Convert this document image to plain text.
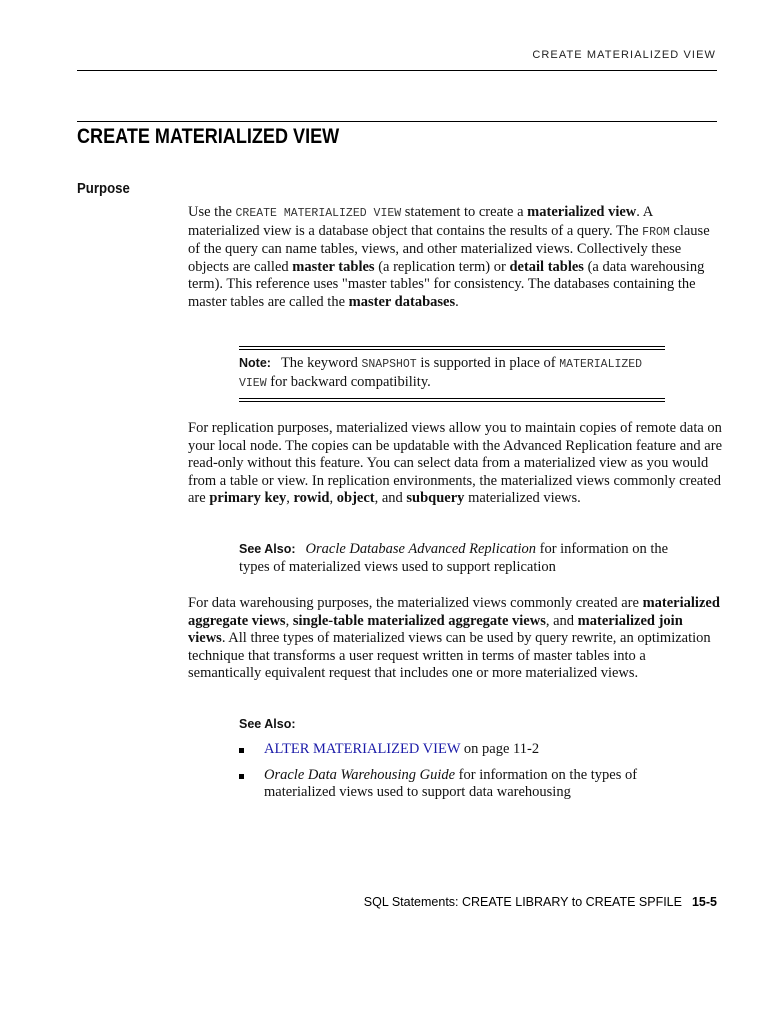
CREATE MATERIALIZED VIEW
CREATE MATERIALIZED VIEW
Purpose

Use the CREATE MATERIALIZED VIEW statement to create a materialized view. A materialized view is a database object that contains the results of a query. The FROM clause of the query can name tables, views, and other materialized views. Collectively these objects are called master tables (a replication term) or detail tables (a data warehousing term). This reference uses "master tables" for consistency. The databases containing the master tables are called the master databases.

Note: The keyword SNAPSHOT is supported in place of MATERIALIZED VIEW for backward compatibility.

For replication purposes, materialized views allow you to maintain copies of remote data on your local node. The copies can be updatable with the Advanced Replication feature and are read-only without this feature. You can select data from a materialized view as you would from a table or view. In replication environments, the materialized views commonly created are primary key, rowid, object, and subquery materialized views.

See Also: Oracle Database Advanced Replication for information on the types of materialized views used to support replication

For data warehousing purposes, the materialized views commonly created are materialized aggregate views, single-table materialized aggregate views, and materialized join views. All three types of materialized views can be used by query rewrite, an optimization technique that transforms a user request written in terms of master tables into a semantically equivalent request that includes one or more materialized views.

See Also:
ALTER MATERIALIZED VIEW on page 11-2
Oracle Data Warehousing Guide for information on the types of materialized views used to support data warehousing
SQL Statements: CREATE LIBRARY to CREATE SPFILE 15-5
